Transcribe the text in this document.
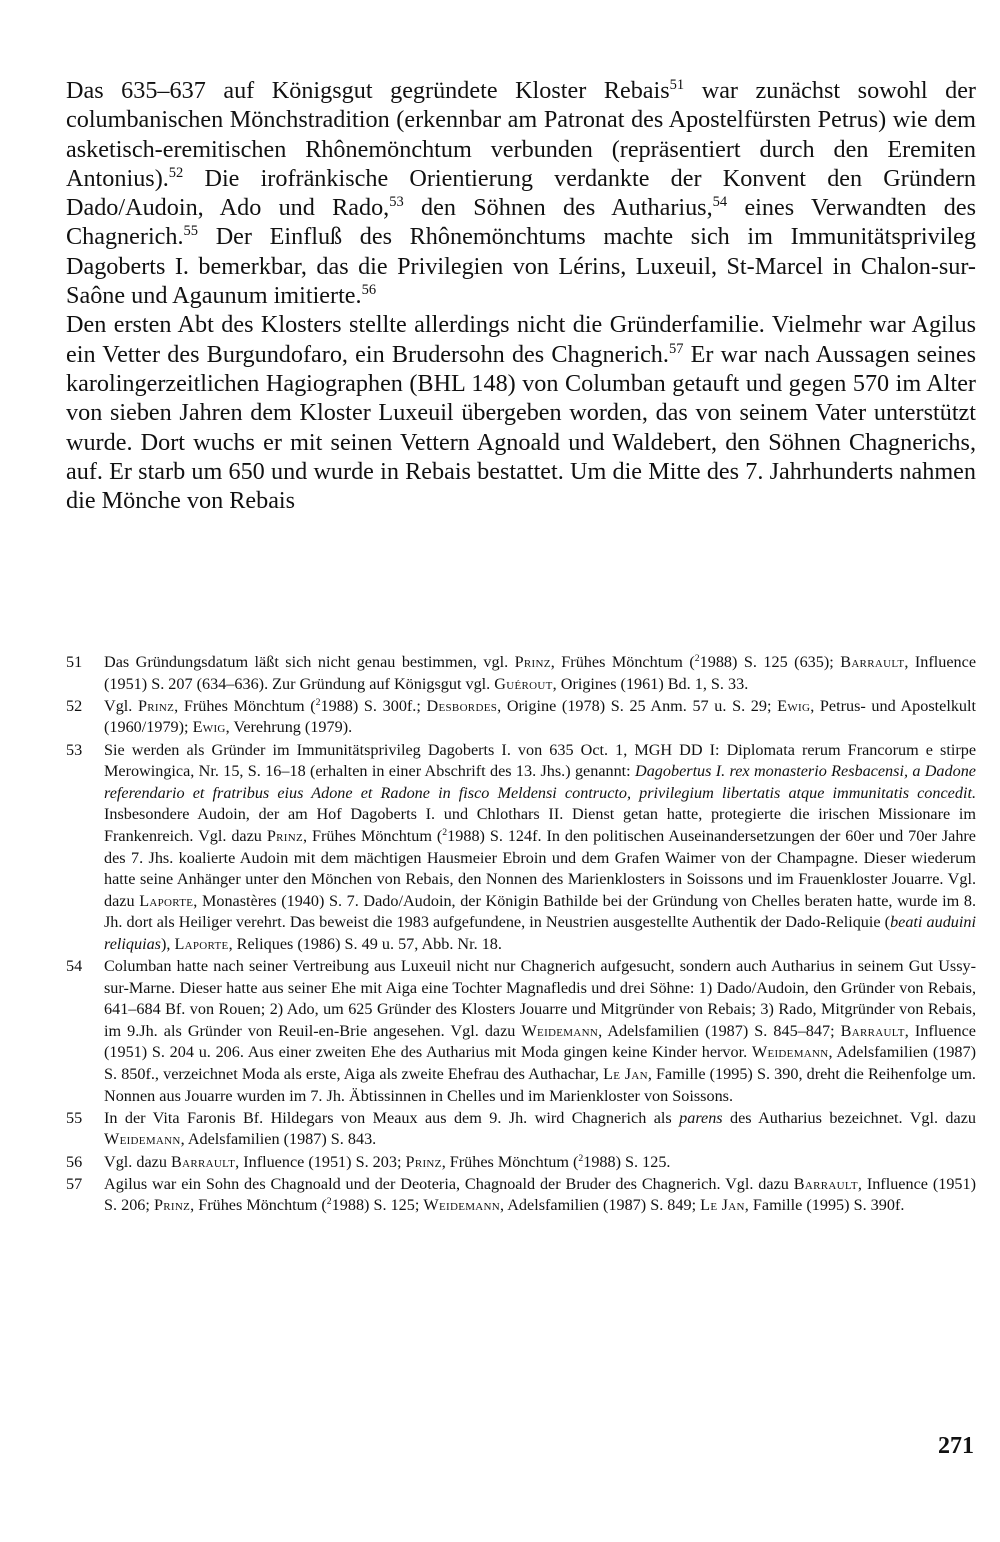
Das 635–637 auf Königsgut gegründete Kloster Rebais$^{51}$ war zunächst sowohl der columbanischen Mönchstradition (erkennbar am Patronat des Apostelfürsten Petrus) wie dem asketisch-eremitischen Rhônemönchtum verbunden (repräsentiert durch den Eremiten Antonius).$^{52}$ Die irofränkische Orientierung verdankte der Konvent den Gründern Dado/Audoin, Ado und Rado,$^{53}$ den Söhnen des Autharius,$^{54}$ eines Verwandten des Chagnerich.$^{55}$ Der Einfluß des Rhônemönchtums machte sich im Immunitätsprivileg Dagoberts I. bemerkbar, das die Privilegien von Lérins, Luxeuil, St-Marcel in Chalon-sur-Saône und Agaunum imitierte.$^{56}$

Den ersten Abt des Klosters stellte allerdings nicht die Gründerfamilie. Vielmehr war Agilus ein Vetter des Burgundofaro, ein Brudersohn des Chagnerich.$^{57}$ Er war nach Aussagen seines karolingerzeitlichen Hagiographen (BHL 148) von Columban getauft und gegen 570 im Alter von sieben Jahren dem Kloster Luxeuil übergeben worden, das von seinem Vater unterstützt wurde. Dort wuchs er mit seinen Vettern Agnoald und Waldebert, den Söhnen Chagnerichs, auf. Er starb um 650 und wurde in Rebais bestattet. Um die Mitte des 7. Jahrhunderts nahmen die Mönche von Rebais

51	Das Gründungsdatum läßt sich nicht genau bestimmen, vgl. Prinz, Frühes Mönchtum ($^2$1988) S. 125 (635); Barrault, Influence (1951) S. 207 (634–636). Zur Gründung auf Königsgut vgl. Guérout, Origines (1961) Bd. 1, S. 33.
52	Vgl. Prinz, Frühes Mönchtum ($^2$1988) S. 300f.; Desbordes, Origine (1978) S. 25 Anm. 57 u. S. 29; Ewig, Petrus- und Apostelkult (1960/1979); Ewig, Verehrung (1979).
53	Sie werden als Gründer im Immunitätsprivileg Dagoberts I. von 635 Oct. 1, MGH DD I: Diplomata rerum Francorum e stirpe Merowingica, Nr. 15, S. 16–18 (erhalten in einer Abschrift des 13. Jhs.) genannt: Dagobertus I. rex monasterio Resbacensi, a Dadone referendario et fratribus eius Adone et Radone in fisco Meldensi contructo, privilegium libertatis atque immunitatis concedit. Insbesondere Audoin, der am Hof Dagoberts I. und Chlothars II. Dienst getan hatte, protegierte die irischen Missionare im Frankenreich. Vgl. dazu Prinz, Frühes Mönchtum ($^2$1988) S. 124f. In den politischen Auseinandersetzungen der 60er und 70er Jahre des 7. Jhs. koalierte Audoin mit dem mächtigen Hausmeier Ebroin und dem Grafen Waimer von der Champagne. Dieser wiederum hatte seine Anhänger unter den Mönchen von Rebais, den Nonnen des Marienklosters in Soissons und im Frauenkloster Jouarre. Vgl. dazu Laporte, Monastères (1940) S. 7. Dado/Audoin, der Königin Bathilde bei der Gründung von Chelles beraten hatte, wurde im 8. Jh. dort als Heiliger verehrt. Das beweist die 1983 aufgefundene, in Neustrien ausgestellte Authentik der Dado-Reliquie (beati auduini reliquias), Laporte, Reliques (1986) S. 49 u. 57, Abb. Nr. 18.
54	Columban hatte nach seiner Vertreibung aus Luxeuil nicht nur Chagnerich aufgesucht, sondern auch Autharius in seinem Gut Ussy-sur-Marne. Dieser hatte aus seiner Ehe mit Aiga eine Tochter Magnafledis und drei Söhne: 1) Dado/Audoin, den Gründer von Rebais, 641–684 Bf. von Rouen; 2) Ado, um 625 Gründer des Klosters Jouarre und Mitgründer von Rebais; 3) Rado, Mitgründer von Rebais, im 9.Jh. als Gründer von Reuil-en-Brie angesehen. Vgl. dazu Weidemann, Adelsfamilien (1987) S. 845–847; Barrault, Influence (1951) S. 204 u. 206. Aus einer zweiten Ehe des Autharius mit Moda gingen keine Kinder hervor. Weidemann, Adelsfamilien (1987) S. 850f., verzeichnet Moda als erste, Aiga als zweite Ehefrau des Authachar, Le Jan, Famille (1995) S. 390, dreht die Reihenfolge um. Nonnen aus Jouarre wurden im 7. Jh. Äbtissinnen in Chelles und im Marienkloster von Soissons.
55	In der Vita Faronis Bf. Hildegars von Meaux aus dem 9. Jh. wird Chagnerich als parens des Autharius bezeichnet. Vgl. dazu Weidemann, Adelsfamilien (1987) S. 843.
56	Vgl. dazu Barrault, Influence (1951) S. 203; Prinz, Frühes Mönchtum ($^2$1988) S. 125.
57	Agilus war ein Sohn des Chagnoald und der Deoteria, Chagnoald der Bruder des Chagnerich. Vgl. dazu Barrault, Influence (1951) S. 206; Prinz, Frühes Mönchtum ($^2$1988) S. 125; Weidemann, Adelsfamilien (1987) S. 849; Le Jan, Famille (1995) S. 390f.
271
